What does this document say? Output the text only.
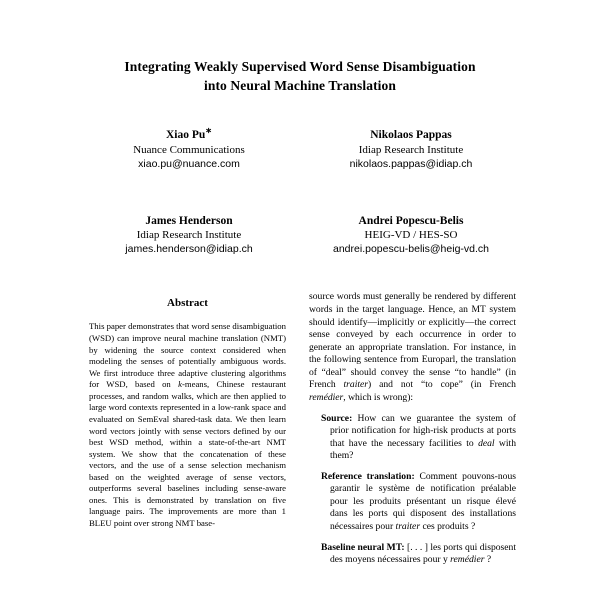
Integrating Weakly Supervised Word Sense Disambiguation
into Neural Machine Translation
Xiao Pu∗
Nuance Communications
xiao.pu@nuance.com
Nikolaos Pappas
Idiap Research Institute
nikolaos.pappas@idiap.ch
James Henderson
Idiap Research Institute
james.henderson@idiap.ch
Andrei Popescu-Belis
HEIG-VD / HES-SO
andrei.popescu-belis@heig-vd.ch
Abstract

This paper demonstrates that word sense disambiguation (WSD) can improve neural machine translation (NMT) by widening the source context considered when modeling the senses of potentially ambiguous words. We first introduce three adaptive clustering algorithms for WSD, based on k-means, Chinese restaurant processes, and random walks, which are then applied to large word contexts represented in a low-rank space and evaluated on SemEval shared-task data. We then learn word vectors jointly with sense vectors defined by our best WSD method, within a state-of-the-art NMT system. We show that the concatenation of these vectors, and the use of a sense selection mechanism based on the weighted average of sense vectors, outperforms several baselines including sense-aware ones. This is demonstrated by translation on five language pairs. The improvements are more than 1 BLEU point over strong NMT base-

source words must generally be rendered by different words in the target language. Hence, an MT system should identify—implicitly or explicitly—the correct sense conveyed by each occurrence in order to generate an appropriate translation. For instance, in the following sentence from Europarl, the translation of “deal” should convey the sense “to handle” (in French traiter) and not “to cope” (in French remédier, which is wrong):

Source: How can we guarantee the system of prior notification for high-risk products at ports that have the necessary facilities to deal with them?

Reference translation: Comment pouvons-nous garantir le système de notification préalable pour les produits présentant un risque élevé dans les ports qui disposent des installations nécessaires pour traiter ces produits ?

Baseline neural MT: [. . . ] les ports qui disposent des moyens nécessaires pour y remédier ?
